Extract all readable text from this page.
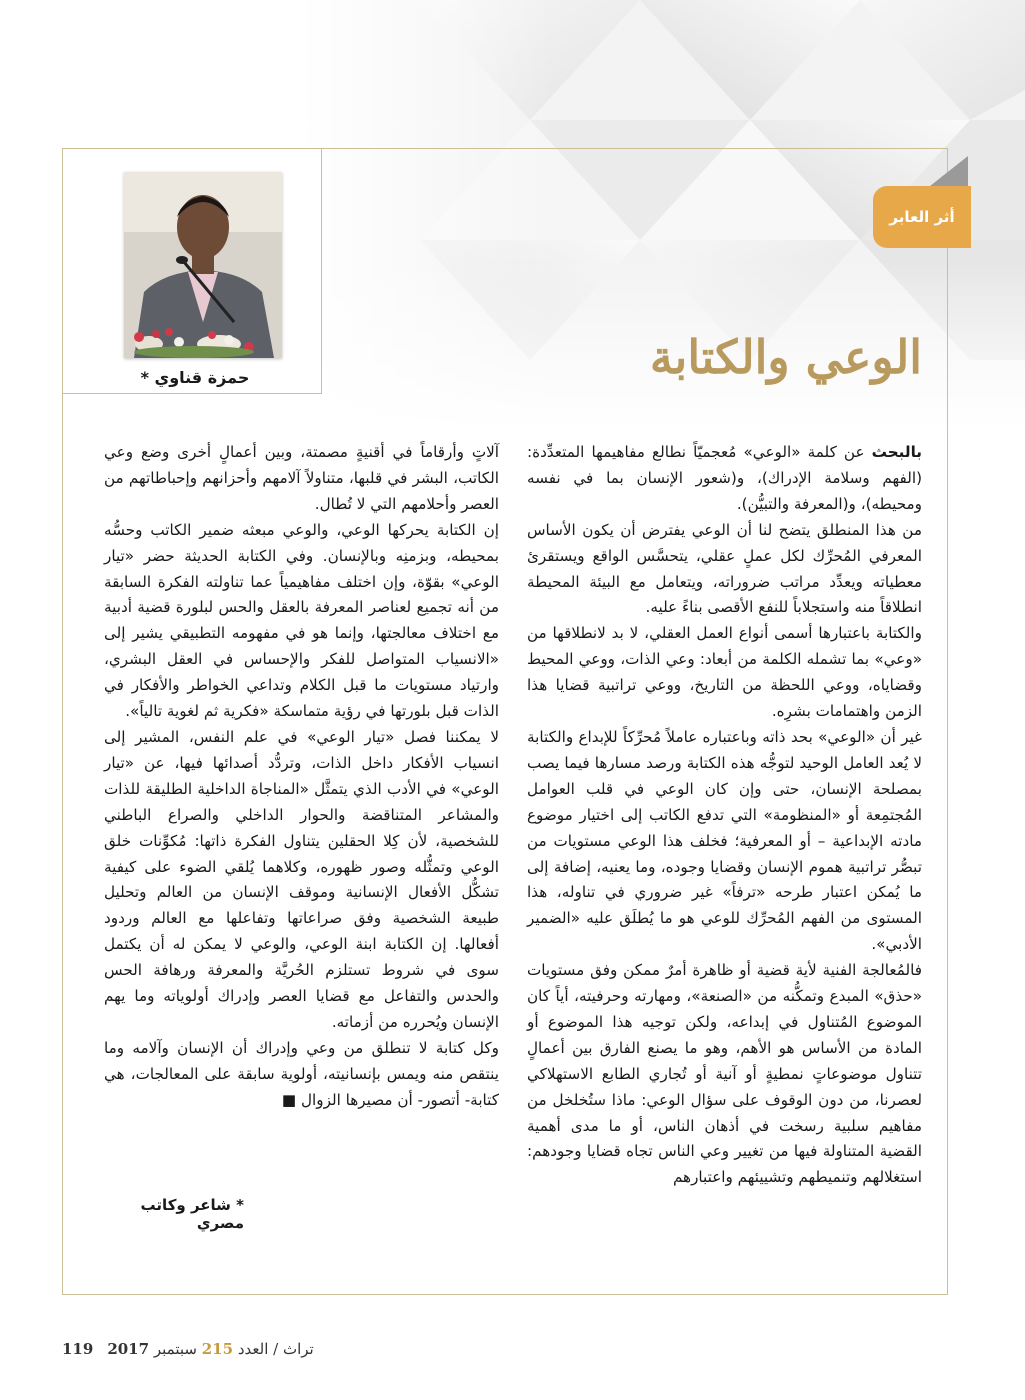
حمزة قناوي *
أثر العابر
الوعي والكتابة

بالبحث عن كلمة «الوعي» مُعجميّاً نطالع مفاهيمها المتعدِّدة: (الفهم وسلامة الإدراك)، و(شعور الإنسان بما في نفسه ومحيطه)، و(المعرفة والتبيُّن).

من هذا المنطلق يتضح لنا أن الوعي يفترض أن يكون الأساس المعرفي المُحرِّك لكل عملٍ عقلي، يتحسَّس الواقع ويستقرئ معطياته ويعدِّد مراتب ضروراته، ويتعامل مع البيئة المحيطة انطلاقاً منه واستجلاباً للنفع الأقصى بناءً عليه.

والكتابة باعتبارها أسمى أنواع العمل العقلي، لا بد لانطلاقها من «وعي» بما تشمله الكلمة من أبعاد: وعي الذات، ووعي المحيط وقضاياه، ووعي اللحظة من التاريخ، ووعي تراتبية قضايا هذا الزمن واهتمامات بشرِه.

غير أن «الوعي» بحد ذاته وباعتباره عاملاً مُحرِّكاً للإبداع والكتابة لا يُعد العامل الوحيد لتوجُّه هذه الكتابة ورصد مسارها فيما يصب بمصلحة الإنسان، حتى وإن كان الوعي في قلب العوامل المُجتمِعة أو «المنظومة» التي تدفع الكاتب إلى اختيار موضوع مادته الإبداعية – أو المعرفية؛ فخلف هذا الوعي مستويات من تبصُّر تراتبية هموم الإنسان وقضايا وجوده، وما يعنيه، إضافة إلى ما يُمكن اعتبار طرحه «ترفاً» غير ضروري في تناوله، هذا المستوى من الفهم المُحرِّك للوعي هو ما يُطلَق عليه «الضمير الأدبي».

فالمُعالجة الفنية لأية قضية أو ظاهرة أمرٌ ممكن وفق مستويات «حذق» المبدع وتمكُّنه من «الصنعة»، ومهارته وحرفيته، أياً كان الموضوع المُتناول في إبداعه، ولكن توجيه هذا الموضوع أو المادة من الأساس هو الأهم، وهو ما يصنع الفارق بين أعمالٍ تتناول موضوعاتٍ نمطيةٍ أو آنية أو تُجاري الطابع الاستهلاكي لعصرنا، من دون الوقوف على سؤال الوعي: ماذا ستُخلخل من مفاهيم سلبية رسخت في أذهان الناس، أو ما مدى أهمية القضية المتناولة فيها من تغيير وعي الناس تجاه قضايا وجودهم: استغلالهم وتنميطهم وتشييئهم واعتبارهم

آلاتٍ وأرقاماً في أقنيةٍ مصمتة، وبين أعمالٍ أخرى وضع وعي الكاتب، البشر في قلبها، متناولاً آلامهم وأحزانهم وإحباطاتهم من العصر وأحلامهم التي لا تُطال.

إن الكتابة يحركها الوعي، والوعي مبعثه ضمير الكاتب وحسُّه بمحيطه، وبزمنِه وبالإنسان. وفي الكتابة الحديثة حضر «تيار الوعي» بقوّة، وإن اختلف مفاهيمياً عما تناولته الفكرة السابقة من أنه تجميع لعناصر المعرفة بالعقل والحس لبلورة قضية أدبية مع اختلاف معالجتها، وإنما هو في مفهومه التطبيقي يشير إلى «الانسياب المتواصل للفكر والإحساس في العقل البشري، وارتياد مستويات ما قبل الكلام وتداعي الخواطر والأفكار في الذات قبل بلورتها في رؤية متماسكة «فكرية ثم لغوية تالياً».

لا يمكننا فصل «تيار الوعي» في علم النفس، المشير إلى انسياب الأفكار داخل الذات، وتردُّد أصدائها فيها، عن «تيار الوعي» في الأدب الذي يتمثَّل «المناجاة الداخلية الطليقة للذات والمشاعر المتناقضة والحوار الداخلي والصراع الباطني للشخصية، لأن كِلا الحقلين يتناول الفكرة ذاتها: مُكوِّنات خلق الوعي وتمثُّله وصور ظهوره، وكلاهما يُلقي الضوء على كيفية تشكُّل الأفعال الإنسانية وموقف الإنسان من العالم وتحليل طبيعة الشخصية وفق صراعاتها وتفاعلها مع العالم وردود أفعالها. إن الكتابة ابنة الوعي، والوعي لا يمكن له أن يكتمل سوى في شروط تستلزم الحُريَّة والمعرفة ورهافة الحس والحدس والتفاعل مع قضايا العصر وإدراك أولوياته وما يهم الإنسان ويُحرره من أزماته.

وكل كتابة لا تنطلق من وعي وإدراك أن الإنسان وآلامه وما ينتقص منه ويمس بإنسانيته، أولوية سابقة على المعالجات، هي كتابة- أتصور- أن مصيرها الزوال ■

* شاعر وكاتب مصري
119	تراث / العدد 215 سبتمبر 2017
